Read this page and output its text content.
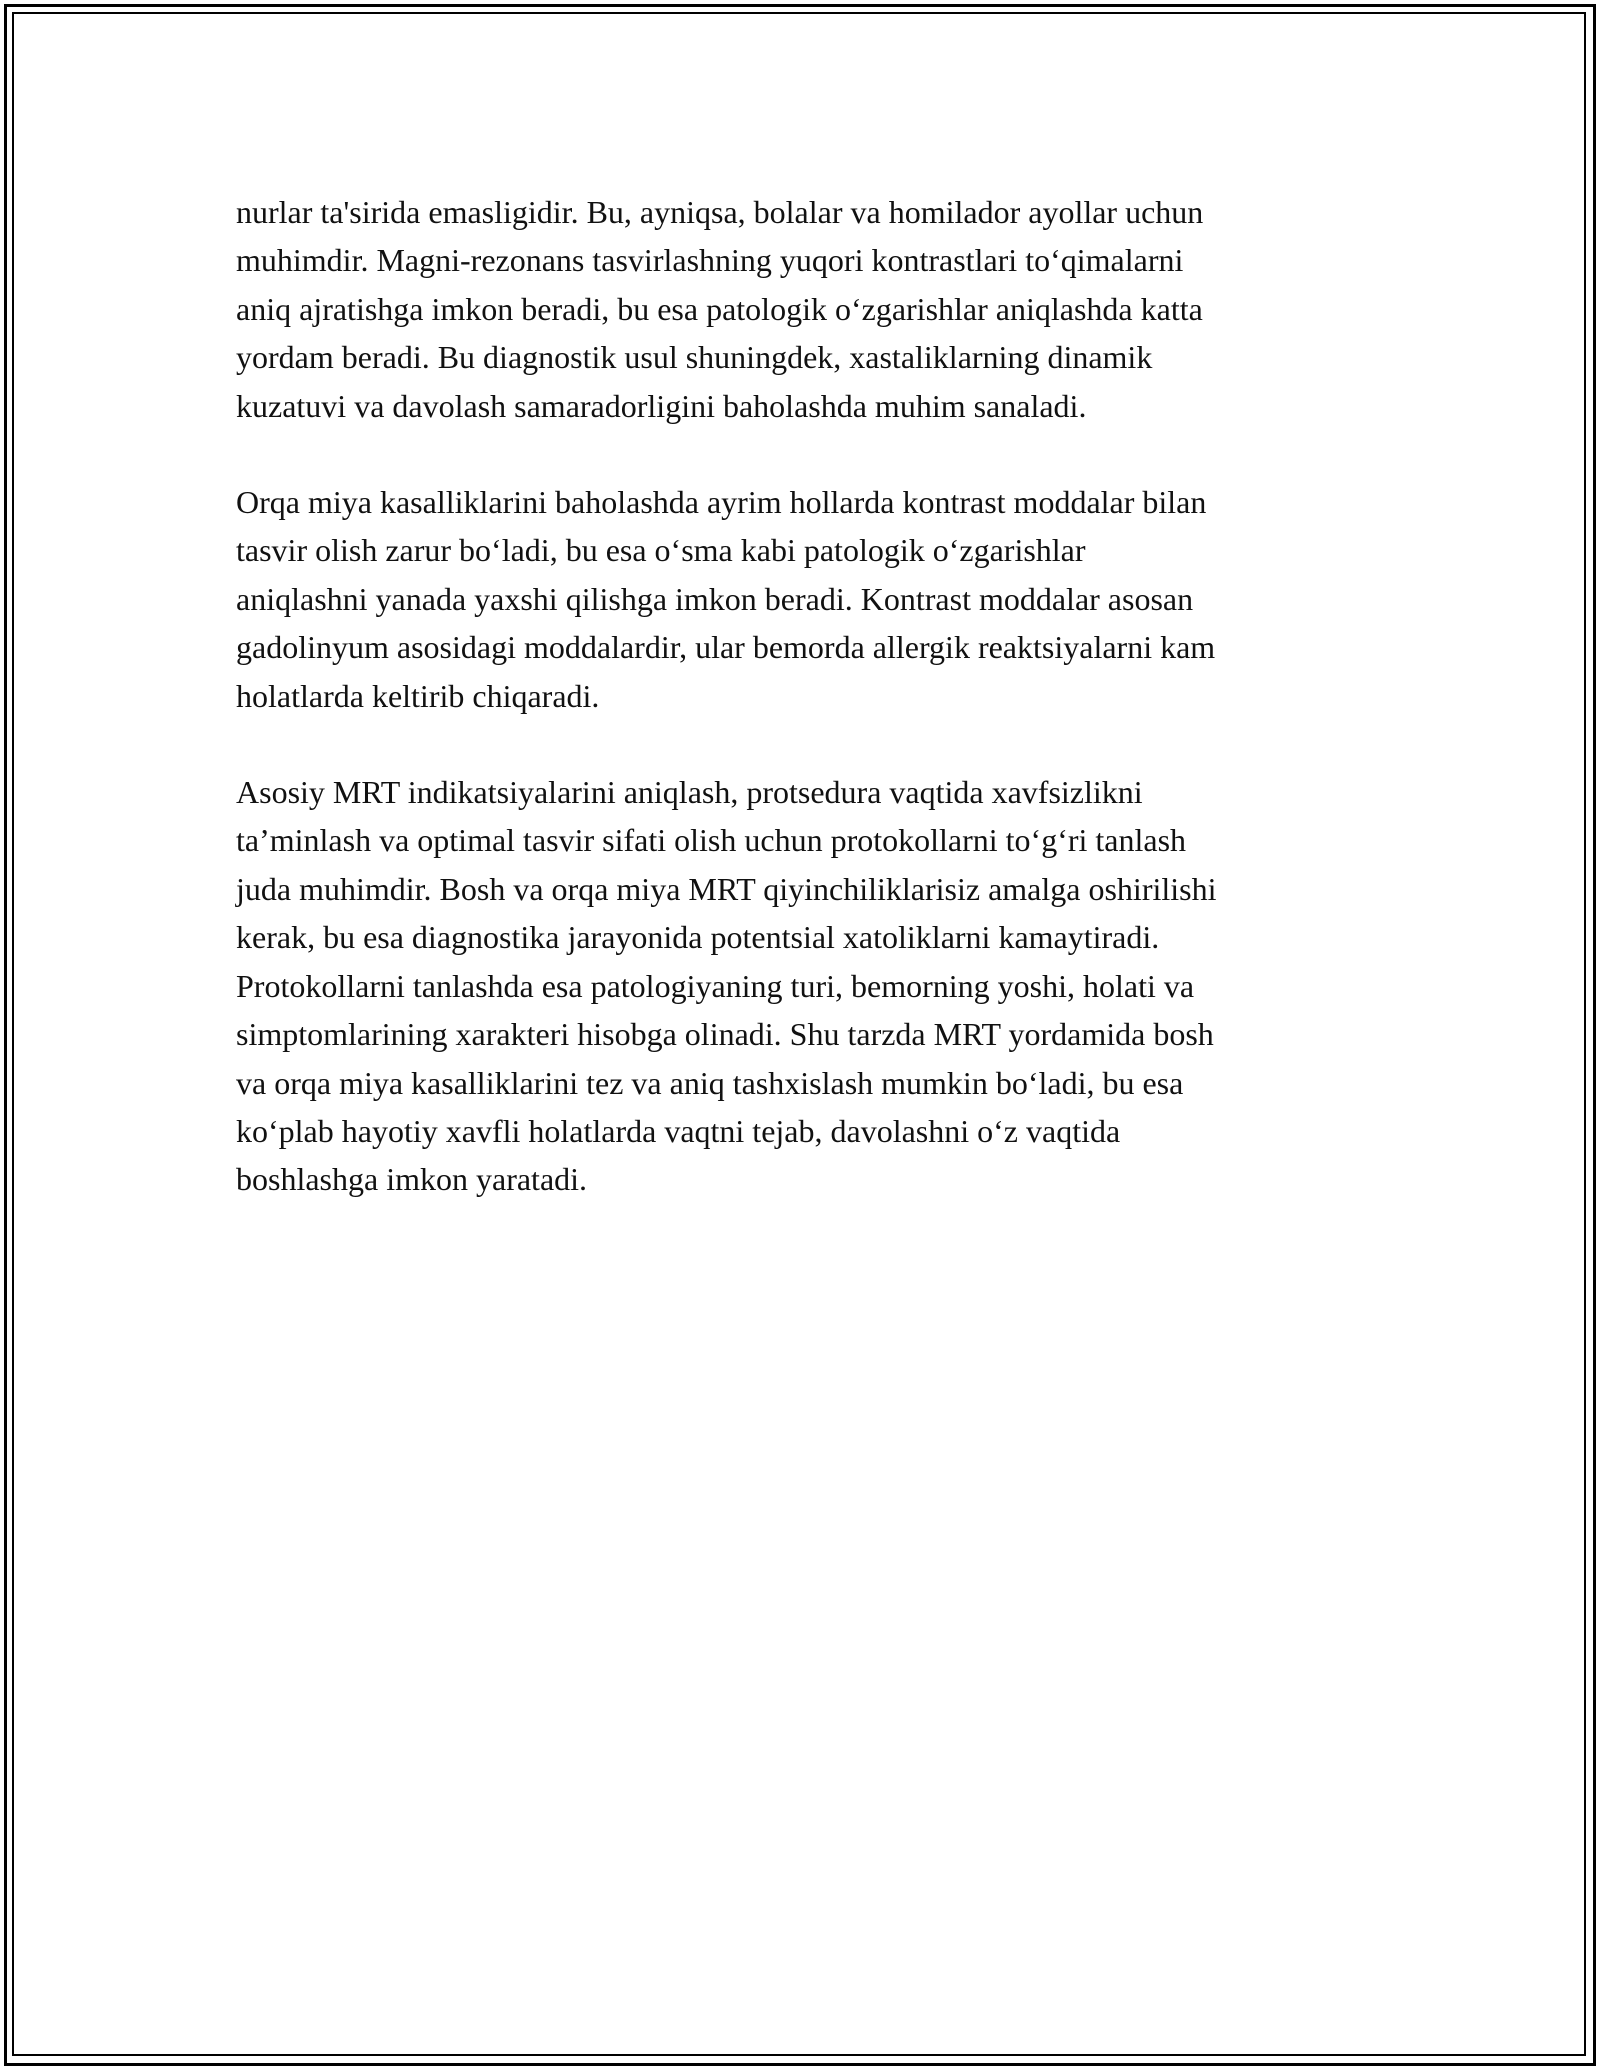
nurlar ta'sirida emasligidir. Bu, ayniqsa, bolalar va homilador ayollar uchun
muhimdir. Magni-rezonans tasvirlashning yuqori kontrastlari to‘qimalarni
aniq ajratishga imkon beradi, bu esa patologik o‘zgarishlar aniqlashda katta
yordam beradi. Bu diagnostik usul shuningdek, xastaliklarning dinamik
kuzatuvi va davolash samaradorligini baholashda muhim sanaladi.

Orqa miya kasalliklarini baholashda ayrim hollarda kontrast moddalar bilan
tasvir olish zarur bo‘ladi, bu esa o‘sma kabi patologik o‘zgarishlar
aniqlashni yanada yaxshi qilishga imkon beradi. Kontrast moddalar asosan
gadolinyum asosidagi moddalardir, ular bemorda allergik reaktsiyalarni kam
holatlarda keltirib chiqaradi.

Asosiy MRT indikatsiyalarini aniqlash, protsedura vaqtida xavfsizlikni
ta’minlash va optimal tasvir sifati olish uchun protokollarni to‘g‘ri tanlash
juda muhimdir. Bosh va orqa miya MRT qiyinchiliklarisiz amalga oshirilishi
kerak, bu esa diagnostika jarayonida potentsial xatoliklarni kamaytiradi.
Protokollarni tanlashda esa patologiyaning turi, bemorning yoshi, holati va
simptomlarining xarakteri hisobga olinadi. Shu tarzda MRT yordamida bosh
va orqa miya kasalliklarini tez va aniq tashxislash mumkin bo‘ladi, bu esa
ko‘plab hayotiy xavfli holatlarda vaqtni tejab, davolashni o‘z vaqtida
boshlashga imkon yaratadi.
